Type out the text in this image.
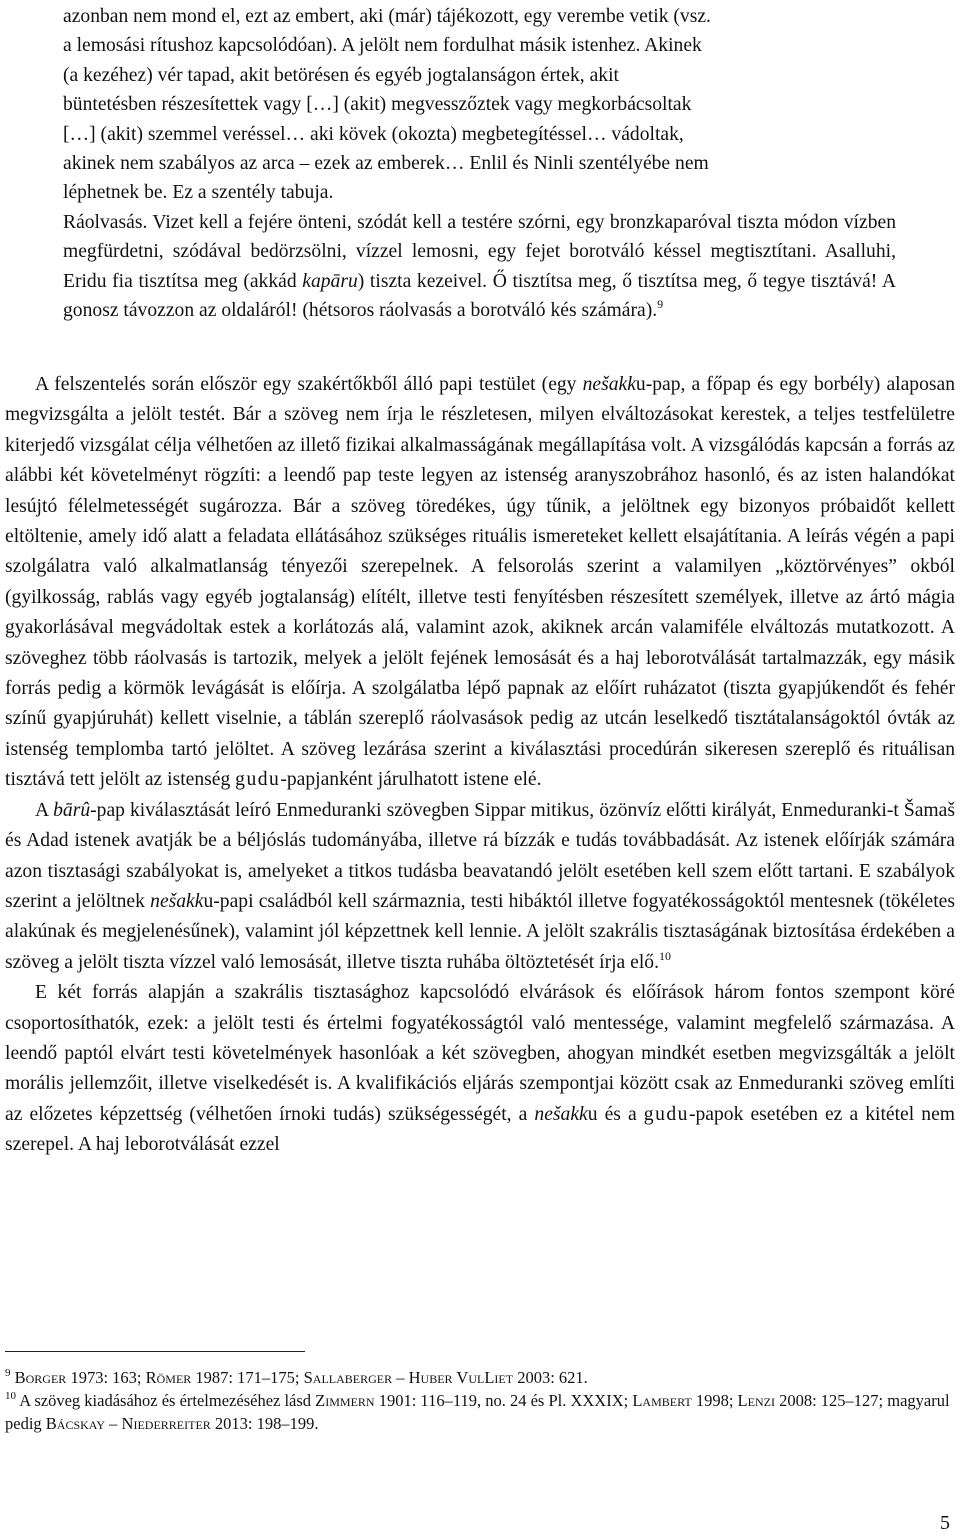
azonban nem mond el, ezt az embert, aki (már) tájékozott, egy verembe vetik (vsz.
a lemosási rítushoz kapcsolódóan). A jelölt nem fordulhat másik istenhez. Akinek
(a kezéhez) vér tapad, akit betörésen és egyéb jogtalanságon értek, akit
büntetésben részesítettek vagy […] (akit) megvesszőztek vagy megkorbácsoltak
[…] (akit) szemmel veréssel… aki kövek (okozta) megbetegítéssel… vádoltak,
akinek nem szabályos az arca – ezek az emberek… Enlil és Ninli szentélyébe nem
léphetnek be. Ez a szentély tabuja.

Ráolvasás. Vizet kell a fejére önteni, szódát kell a testére szórni, egy bronzkaparóval tiszta módon vízben megfürdetni, szódával bedörzsölni, vízzel lemosni, egy fejet borotváló késsel megtisztítani. Asalluhi, Eridu fia tisztítsa meg (akkád kapāru) tiszta kezeivel. Ő tisztítsa meg, ő tisztítsa meg, ő tegye tisztává! A gonosz távozzon az oldaláról! (hétsoros ráolvasás a borotváló kés számára).$^9$

A felszentelés során először egy szakértőkből álló papi testület (egy nešakku-pap, a főpap és egy borbély) alaposan megvizsgálta a jelölt testét. Bár a szöveg nem írja le részletesen, milyen elváltozásokat kerestek, a teljes testfelületre kiterjedő vizsgálat célja vélhetően az illető fizikai alkalmasságának megállapítása volt. A vizsgálódás kapcsán a forrás az alábbi két követelményt rögzíti: a leendő pap teste legyen az istenség aranyszobrához hasonló, és az isten halandókat lesújtó félelmetességét sugározza. Bár a szöveg töredékes, úgy tűnik, a jelöltnek egy bizonyos próbaidőt kellett eltöltenie, amely idő alatt a feladata ellátásához szükséges rituális ismereteket kellett elsajátítania. A leírás végén a papi szolgálatra való alkalmatlanság tényezői szerepelnek. A felsorolás szerint a valamilyen „köztörvényes” okból (gyilkosság, rablás vagy egyéb jogtalanság) elítélt, illetve testi fenyítésben részesített személyek, illetve az ártó mágia gyakorlásával megvádoltak estek a korlátozás alá, valamint azok, akiknek arcán valamiféle elváltozás mutatkozott. A szöveghez több ráolvasás is tartozik, melyek a jelölt fejének lemosását és a haj leborotválását tartalmazzák, egy másik forrás pedig a körmök levágását is előírja. A szolgálatba lépő papnak az előírt ruházatot (tiszta gyapjúkendőt és fehér színű gyapjúruhát) kellett viselnie, a táblán szereplő ráolvasások pedig az utcán leselkedő tisztátalanságoktól óvták az istenség templomba tartó jelöltet. A szöveg lezárása szerint a kiválasztási procedúrán sikeresen szereplő és rituálisan tisztává tett jelölt az istenség gudu-papjanként járulhatott istene elé.

A bārû-pap kiválasztását leíró Enmeduranki szövegben Sippar mitikus, özönvíz előtti királyát, Enmeduranki-t Šamaš és Adad istenek avatják be a béljóslás tudományába, illetve rá bízzák e tudás továbbadását. Az istenek előírják számára azon tisztasági szabályokat is, amelyeket a titkos tudásba beavatandó jelölt esetében kell szem előtt tartani. E szabályok szerint a jelöltnek nešakku-papi családból kell származnia, testi hibáktól illetve fogyatékosságoktól mentesnek (tökéletes alakúnak és megjelenésűnek), valamint jól képzettnek kell lennie. A jelölt szakrális tisztaságának biztosítása érdekében a szöveg a jelölt tiszta vízzel való lemosását, illetve tiszta ruhába öltöztetését írja elő.$^{10}$

E két forrás alapján a szakrális tisztasághoz kapcsolódó elvárások és előírások három fontos szempont köré csoportosíthatók, ezek: a jelölt testi és értelmi fogyatékosságtól való mentessége, valamint megfelelő származása. A leendő paptól elvárt testi követelmények hasonlóak a két szövegben, ahogyan mindkét esetben megvizsgálták a jelölt morális jellemzőit, illetve viselkedését is. A kvalifikációs eljárás szempontjai között csak az Enmeduranki szöveg említi az előzetes képzettség (vélhetően írnoki tudás) szükségességét, a nešakku és a gudu-papok esetében ez a kitétel nem szerepel. A haj leborotválását ezzel

$^9$ Borger 1973: 163; Römer 1987: 171–175; Sallaberger – Huber VulLiet 2003: 621.

$^{10}$ A szöveg kiadásához és értelmezéséhez lásd Zimmern 1901: 116–119, no. 24 és Pl. XXXIX; Lambert 1998; Lenzi 2008: 125–127; magyarul pedig Bácskay – Niederreiter 2013: 198–199.

5
